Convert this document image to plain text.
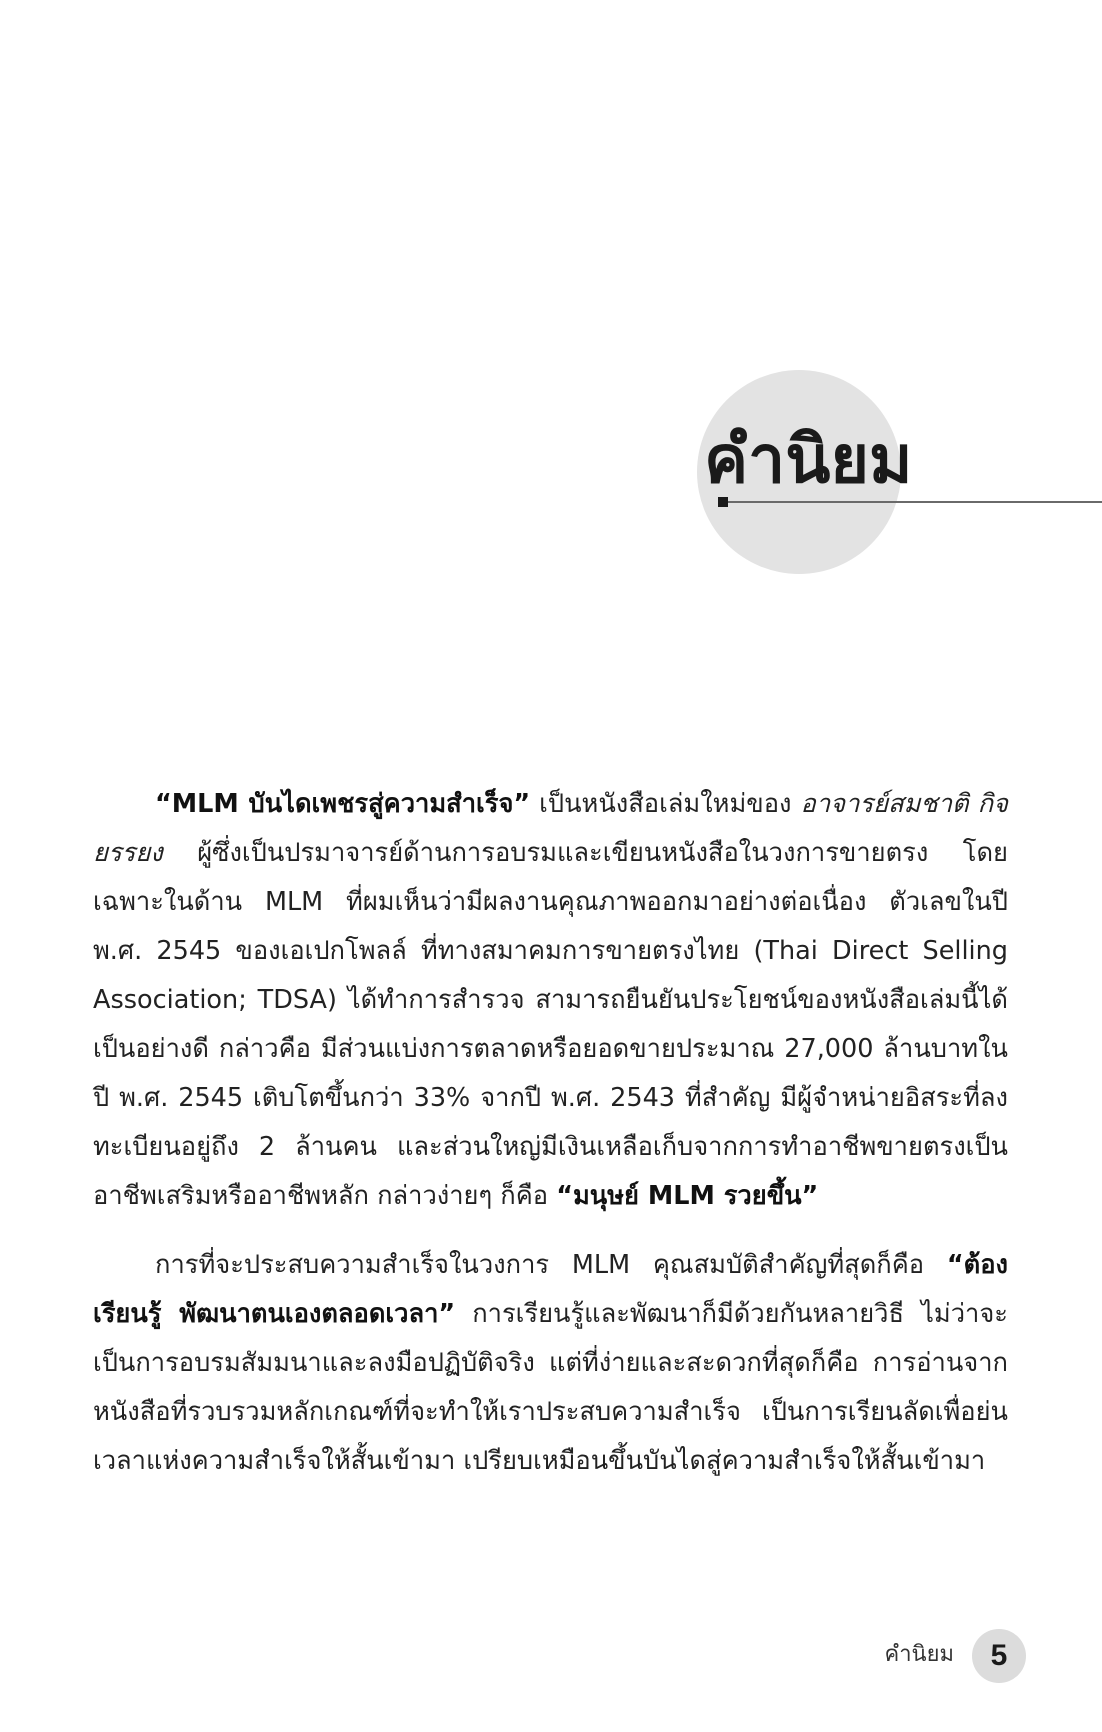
คำนิยม

“MLM บันไดเพชรสู่ความสำเร็จ” เป็นหนังสือเล่มใหม่ของ อาจารย์สมชาติ กิจยรรยง ผู้ซึ่งเป็นปรมาจารย์ด้านการอบรมและเขียนหนังสือในวงการขายตรง โดยเฉพาะในด้าน MLM ที่ผมเห็นว่ามีผลงานคุณภาพออกมาอย่างต่อเนื่อง ตัวเลขในปี พ.ศ. 2545 ของเอเปกโพลล์ ที่ทางสมาคมการขายตรงไทย (Thai Direct Selling Association; TDSA) ได้ทำการสำรวจ สามารถยืนยันประโยชน์ของหนังสือเล่มนี้ได้เป็นอย่างดี กล่าวคือ มีส่วนแบ่งการตลาดหรือยอดขายประมาณ 27,000 ล้านบาทในปี พ.ศ. 2545 เติบโตขึ้นกว่า 33% จากปี พ.ศ. 2543 ที่สำคัญ มีผู้จำหน่ายอิสระที่ลงทะเบียนอยู่ถึง 2 ล้านคน และส่วนใหญ่มีเงินเหลือเก็บจากการทำอาชีพขายตรงเป็นอาชีพเสริมหรืออาชีพหลัก กล่าวง่ายๆ ก็คือ “มนุษย์ MLM รวยขึ้น”

การที่จะประสบความสำเร็จในวงการ MLM คุณสมบัติสำคัญที่สุดก็คือ “ต้องเรียนรู้ พัฒนาตนเองตลอดเวลา” การเรียนรู้และพัฒนาก็มีด้วยกันหลายวิธี ไม่ว่าจะเป็นการอบรมสัมมนาและลงมือปฏิบัติจริง แต่ที่ง่ายและสะดวกที่สุดก็คือ การอ่านจากหนังสือที่รวบรวมหลักเกณฑ์ที่จะทำให้เราประสบความสำเร็จ เป็นการเรียนลัดเพื่อย่นเวลาแห่งความสำเร็จให้สั้นเข้ามา เปรียบเหมือนขึ้นบันไดสู่ความสำเร็จให้สั้นเข้ามา

คำนิยม	5
